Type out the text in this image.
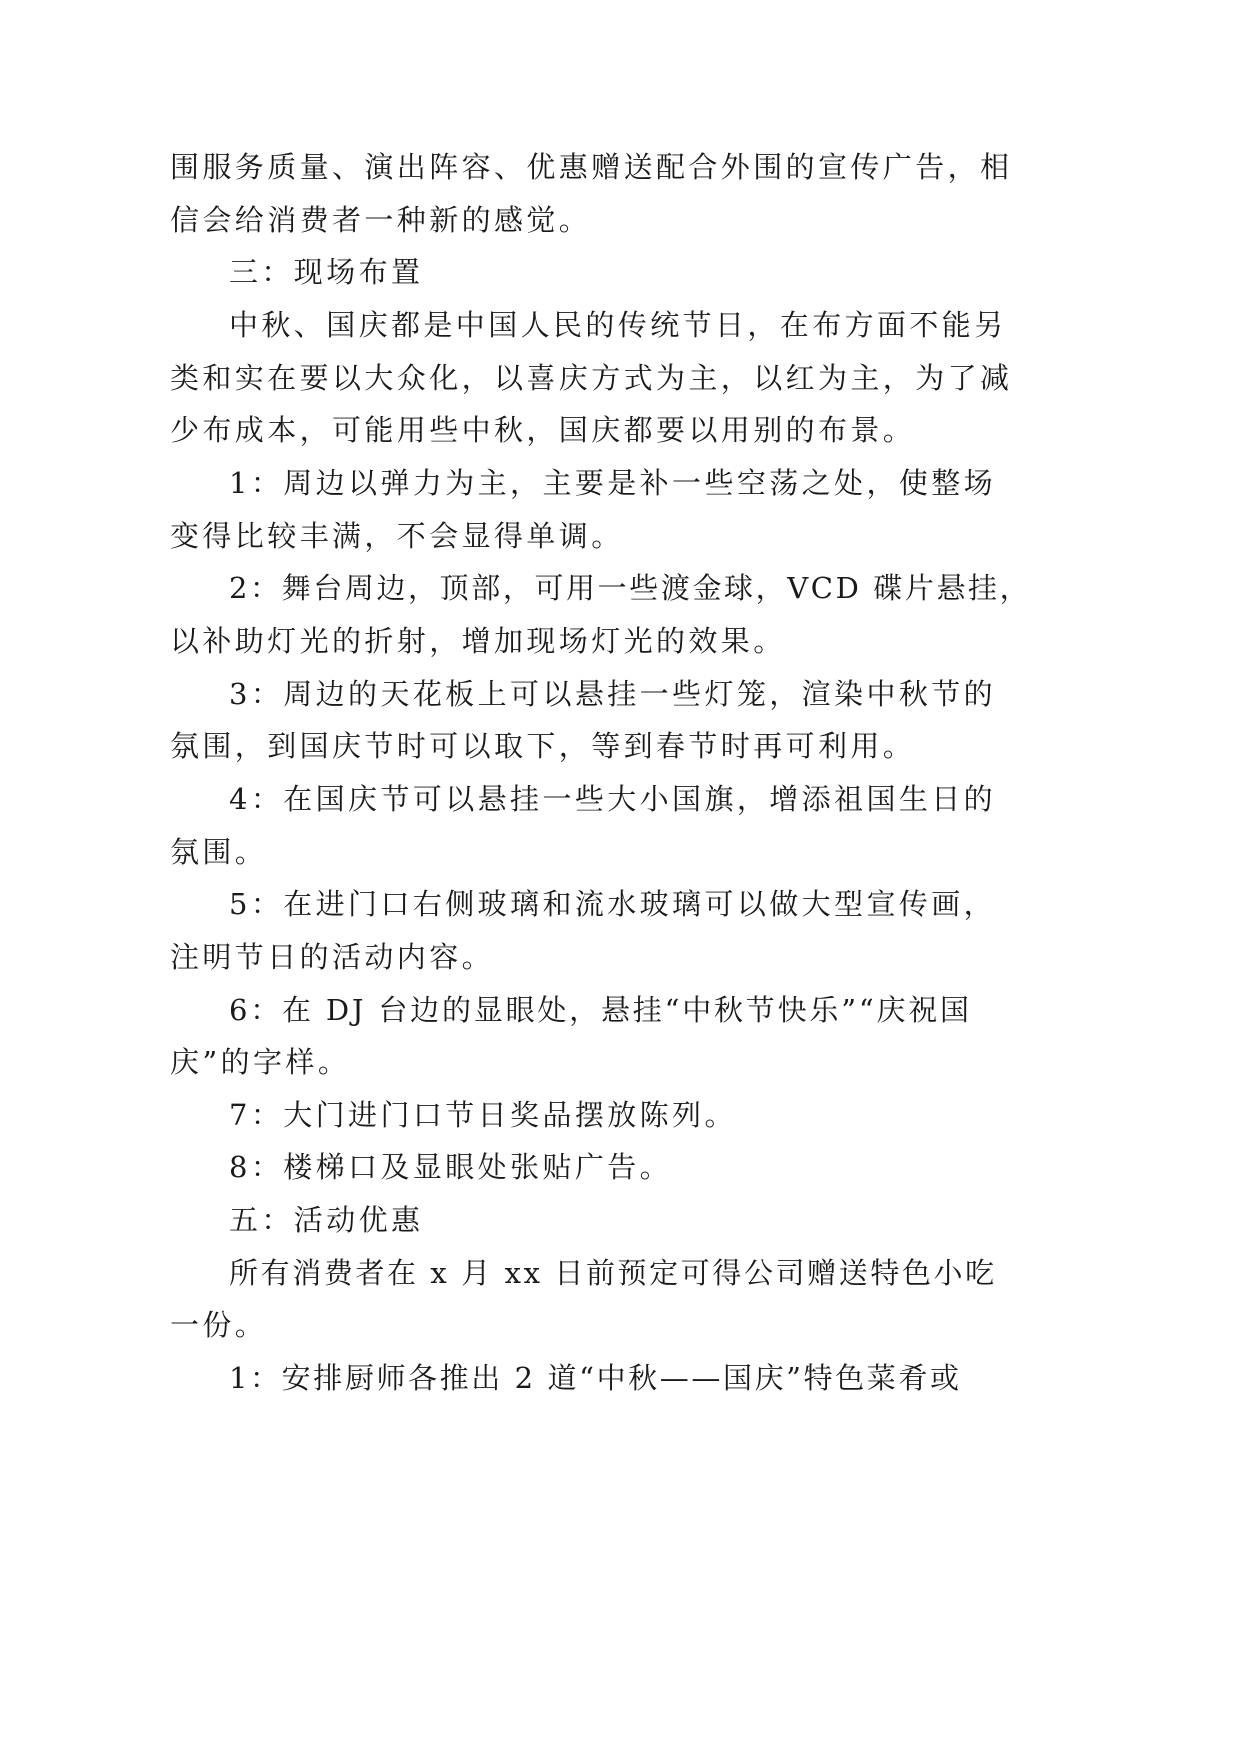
围服务质量、演出阵容、优惠赠送配合外围的宣传广告，相
信会给消费者一种新的感觉。
三：现场布置
中秋、国庆都是中国人民的传统节日，在布方面不能另
类和实在要以大众化，以喜庆方式为主，以红为主，为了减
少布成本，可能用些中秋，国庆都要以用别的布景。
1：周边以弹力为主，主要是补一些空荡之处，使整场
变得比较丰满，不会显得单调。
2：舞台周边，顶部，可用一些渡金球，VCD 碟片悬挂，
以补助灯光的折射，增加现场灯光的效果。
3：周边的天花板上可以悬挂一些灯笼，渲染中秋节的
氛围，到国庆节时可以取下，等到春节时再可利用。
4：在国庆节可以悬挂一些大小国旗，增添祖国生日的
氛围。
5：在进门口右侧玻璃和流水玻璃可以做大型宣传画，
注明节日的活动内容。
6：在 DJ 台边的显眼处，悬挂“中秋节快乐”“庆祝国
庆”的字样。
7：大门进门口节日奖品摆放陈列。
8：楼梯口及显眼处张贴广告。
五：活动优惠
所有消费者在 x 月 xx 日前预定可得公司赠送特色小吃
一份。
1：安排厨师各推出 2 道“中秋——国庆”特色菜肴或
